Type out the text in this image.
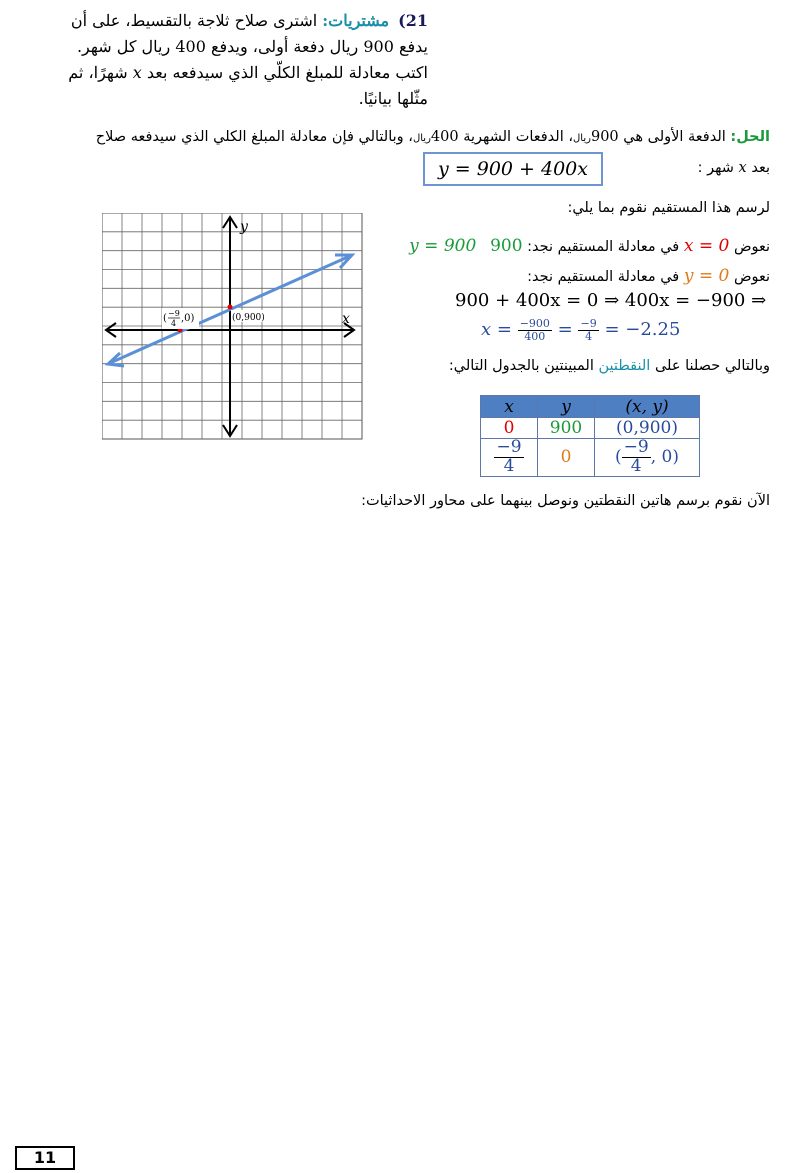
21) مشتريات: اشترى صلاح ثلاجة بالتقسيط، على أن
يدفع 900 ريال دفعة أولى، ويدفع 400 ريال كل شهر.
اكتب معادلة للمبلغ الكلّي الذي سيدفعه بعد x شهرًا، ثم
مثّلها بيانيًا.
الحل: الدفعة الأولى هي 900ريال، الدفعات الشهرية 400ريال، وبالتالي فإن معادلة المبلغ الكلي الذي سيدفعه صلاح
بعد x شهر :
y = 900 + 400x
لرسم هذا المستقيم نقوم بما يلي:
نعوض x = 0 في معادلة المستقيم نجد: 900   y = 900
نعوض y = 0 في معادلة المستقيم نجد:
900 + 400x = 0 ⇒ 400x = −900 ⇒
$x = \frac{-900}{400} = \frac{-9}{4} = -2.25$
وبالتالي حصلنا على النقطتين المبينتين بالجدول التالي:
x	y	(x, y)
0	900	(0,900)

$\frac{-9}{4}$	0	( $\frac{-9}{4}$ , 0)
الآن نقوم برسم هاتين النقطتين ونوصل بينهما على محاور الاحداثيات:
(0,900)
( −9
4 ,0)
y
x
11
